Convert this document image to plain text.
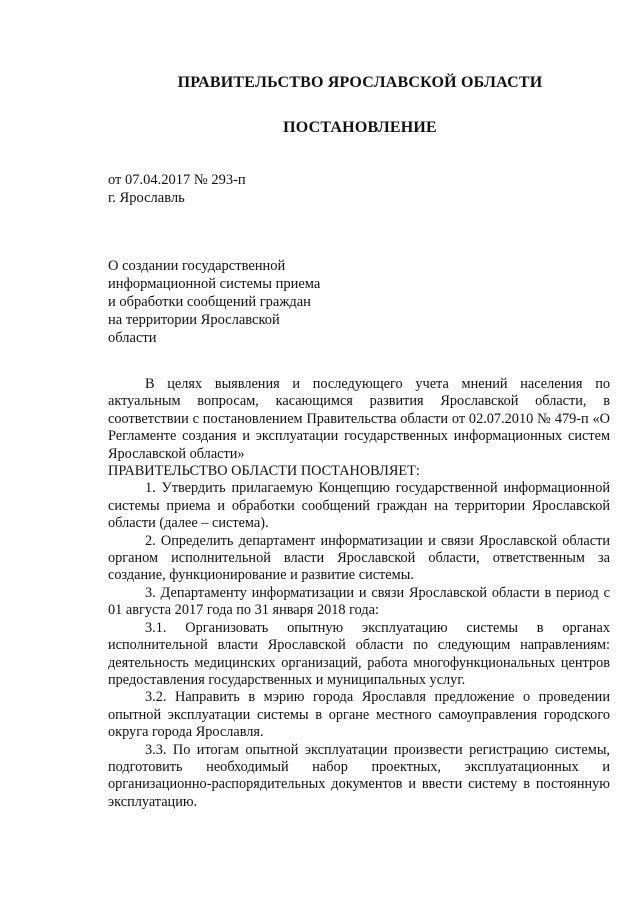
ПРАВИТЕЛЬСТВО ЯРОСЛАВСКОЙ ОБЛАСТИ
ПОСТАНОВЛЕНИЕ
от 07.04.2017 № 293-п
г. Ярославль
О создании государственной
информационной системы приема
и обработки сообщений граждан
на территории Ярославской
области

В целях выявления и последующего учета мнений населения по актуальным вопросам, касающимся развития Ярославской области, в соответствии с постановлением Правительства области от 02.07.2010 № 479-п «О Регламенте создания и эксплуатации государственных информационных систем Ярославской области»

ПРАВИТЕЛЬСТВО ОБЛАСТИ ПОСТАНОВЛЯЕТ:

1. Утвердить прилагаемую Концепцию государственной информационной системы приема и обработки сообщений граждан на территории Ярославской области (далее – система).

2. Определить департамент информатизации и связи Ярославской области органом исполнительной власти Ярославской области, ответственным за создание, функционирование и развитие системы.

3. Департаменту информатизации и связи Ярославской области в период с 01 августа 2017 года по 31 января 2018 года:

3.1. Организовать опытную эксплуатацию системы в органах исполнительной власти Ярославской области по следующим направлениям: деятельность медицинских организаций, работа многофункциональных центров предоставления государственных и муниципальных услуг.

3.2. Направить в мэрию города Ярославля предложение о проведении опытной эксплуатации системы в органе местного самоуправления городского округа города Ярославля.

3.3. По итогам опытной эксплуатации произвести регистрацию системы, подготовить необходимый набор проектных, эксплуатационных и организационно-распорядительных документов и ввести систему в постоянную эксплуатацию.
